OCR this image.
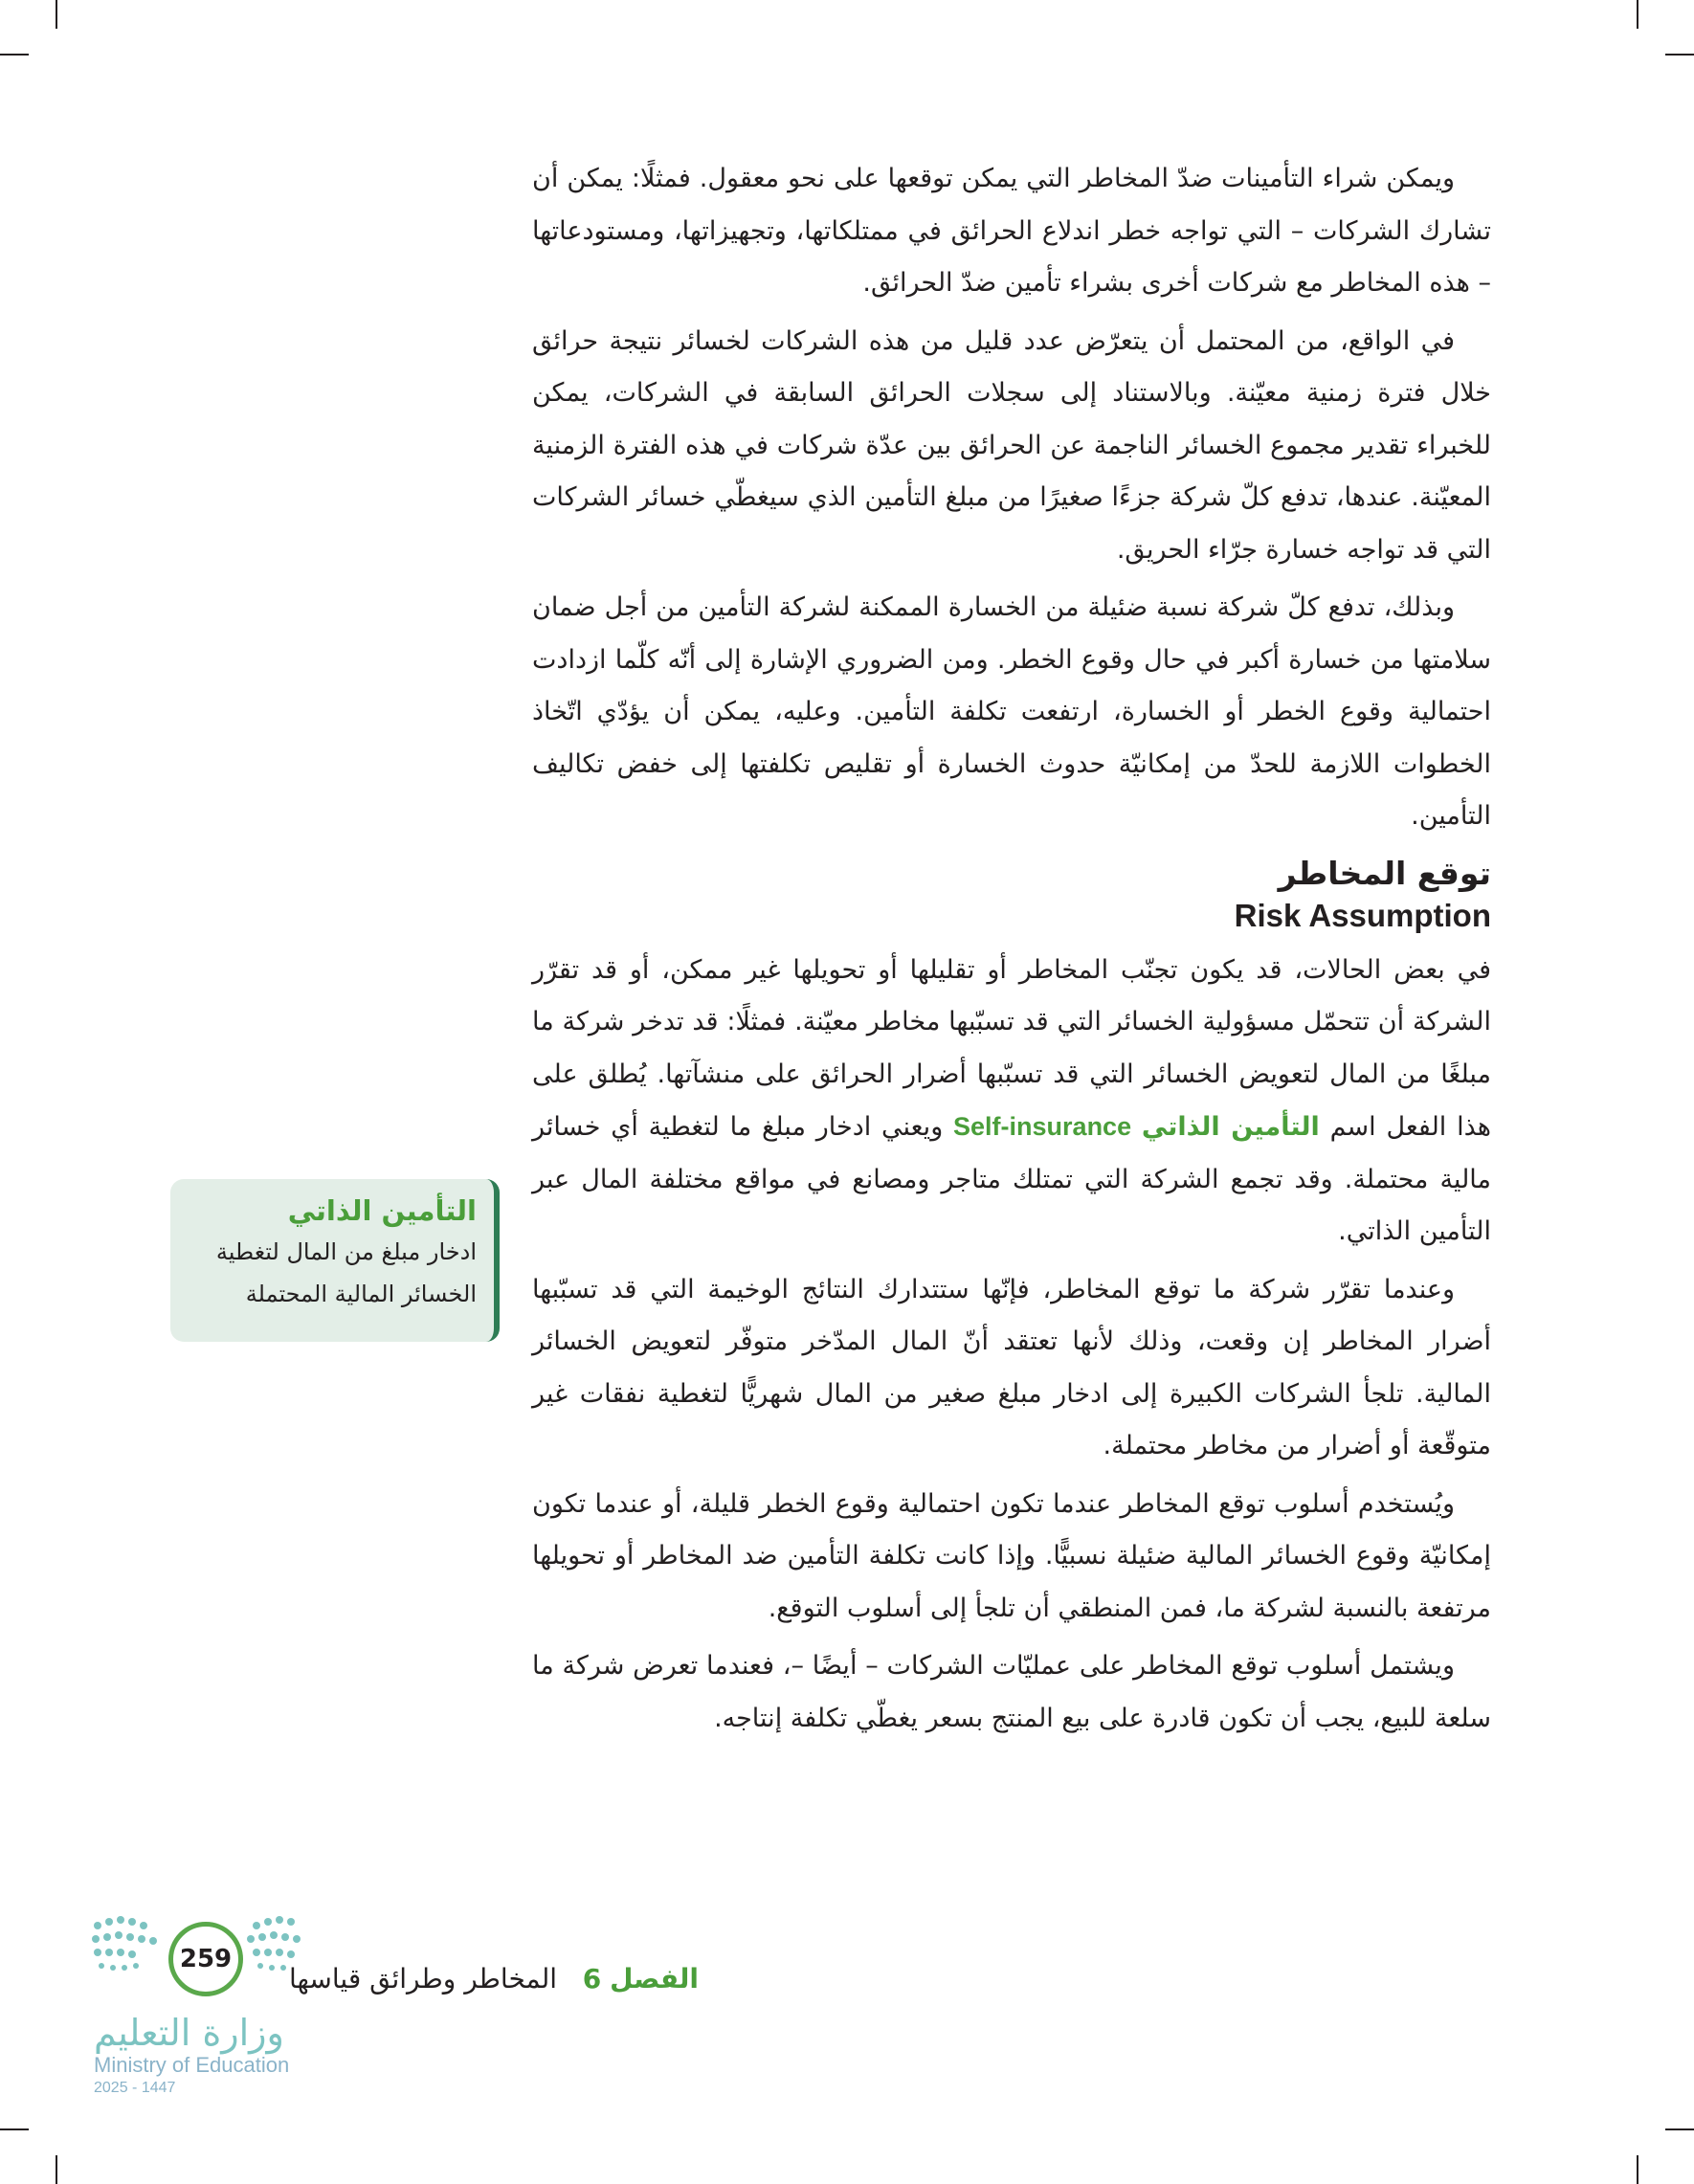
ويمكن شراء التأمينات ضدّ المخاطر التي يمكن توقعها على نحو معقول. فمثلًا: يمكن أن تشارك الشركات – التي تواجه خطر اندلاع الحرائق في ممتلكاتها، وتجهيزاتها، ومستودعاتها – هذه المخاطر مع شركات أخرى بشراء تأمين ضدّ الحرائق.

في الواقع، من المحتمل أن يتعرّض عدد قليل من هذه الشركات لخسائر نتيجة حرائق خلال فترة زمنية معيّنة. وبالاستناد إلى سجلات الحرائق السابقة في الشركات، يمكن للخبراء تقدير مجموع الخسائر الناجمة عن الحرائق بين عدّة شركات في هذه الفترة الزمنية المعيّنة. عندها، تدفع كلّ شركة جزءًا صغيرًا من مبلغ التأمين الذي سيغطّي خسائر الشركات التي قد تواجه خسارة جرّاء الحريق.

وبذلك، تدفع كلّ شركة نسبة ضئيلة من الخسارة الممكنة لشركة التأمين من أجل ضمان سلامتها من خسارة أكبر في حال وقوع الخطر. ومن الضروري الإشارة إلى أنّه كلّما ازدادت احتمالية وقوع الخطر أو الخسارة، ارتفعت تكلفة التأمين. وعليه، يمكن أن يؤدّي اتّخاذ الخطوات اللازمة للحدّ من إمكانيّة حدوث الخسارة أو تقليص تكلفتها إلى خفض تكاليف التأمين.

توقع المخاطر
Risk Assumption

في بعض الحالات، قد يكون تجنّب المخاطر أو تقليلها أو تحويلها غير ممكن، أو قد تقرّر الشركة أن تتحمّل مسؤولية الخسائر التي قد تسبّبها مخاطر معيّنة. فمثلًا: قد تدخر شركة ما مبلغًا من المال لتعويض الخسائر التي قد تسبّبها أضرار الحرائق على منشآتها. يُطلق على هذا الفعل اسم التأمين الذاتي Self-insurance ويعني ادخار مبلغ ما لتغطية أي خسائر مالية محتملة. وقد تجمع الشركة التي تمتلك متاجر ومصانع في مواقع مختلفة المال عبر التأمين الذاتي.

وعندما تقرّر شركة ما توقع المخاطر، فإنّها ستتدارك النتائج الوخيمة التي قد تسبّبها أضرار المخاطر إن وقعت، وذلك لأنها تعتقد أنّ المال المدّخر متوفّر لتعويض الخسائر المالية. تلجأ الشركات الكبيرة إلى ادخار مبلغ صغير من المال شهريًّا لتغطية نفقات غير متوقّعة أو أضرار من مخاطر محتملة.

ويُستخدم أسلوب توقع المخاطر عندما تكون احتمالية وقوع الخطر قليلة، أو عندما تكون إمكانيّة وقوع الخسائر المالية ضئيلة نسبيًّا. وإذا كانت تكلفة التأمين ضد المخاطر أو تحويلها مرتفعة بالنسبة لشركة ما، فمن المنطقي أن تلجأ إلى أسلوب التوقع.

ويشتمل أسلوب توقع المخاطر على عمليّات الشركات – أيضًا –، فعندما تعرض شركة ما سلعة للبيع، يجب أن تكون قادرة على بيع المنتج بسعر يغطّي تكلفة إنتاجه.

التأمين الذاتي

ادخار مبلغ من المال لتغطية الخسائر المالية المحتملة

259
الفصل 6   المخاطر وطرائق قياسها
وزارة التعليم
Ministry of Education
2025 - 1447
